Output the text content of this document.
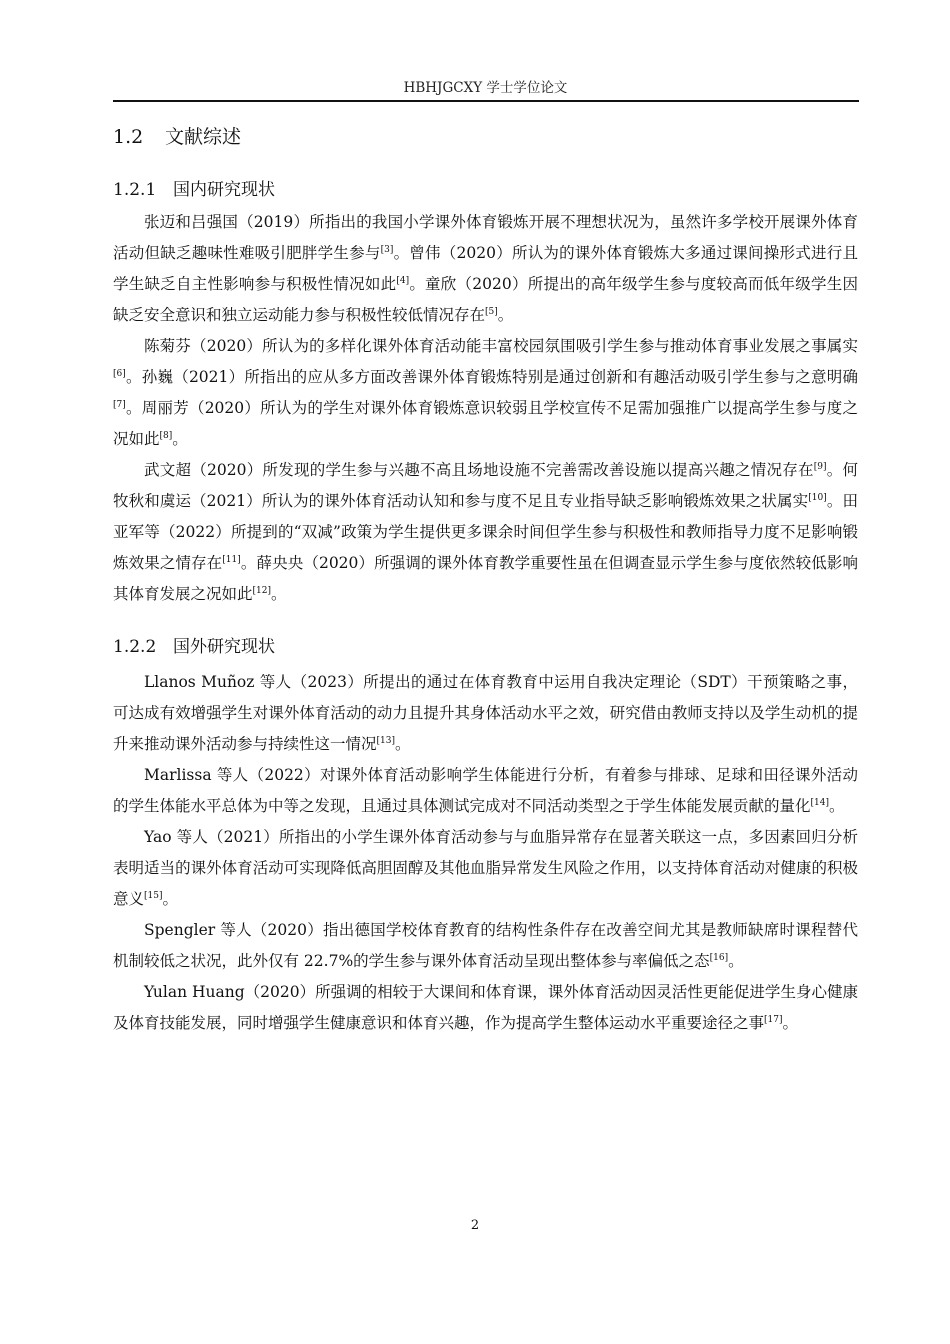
HBHJGCXY 学士学位论文
1.2 文献综述
1.2.1 国内研究现状

张迈和吕强国（2019）所指出的我国小学课外体育锻炼开展不理想状况为，虽然许多学校开展课外体育活动但缺乏趣味性难吸引肥胖学生参与[3]。曾伟（2020）所认为的课外体育锻炼大多通过课间操形式进行且学生缺乏自主性影响参与积极性情况如此[4]。童欣（2020）所提出的高年级学生参与度较高而低年级学生因缺乏安全意识和独立运动能力参与积极性较低情况存在[5]。

陈菊芬（2020）所认为的多样化课外体育活动能丰富校园氛围吸引学生参与推动体育事业发展之事属实[6]。孙巍（2021）所指出的应从多方面改善课外体育锻炼特别是通过创新和有趣活动吸引学生参与之意明确[7]。周丽芳（2020）所认为的学生对课外体育锻炼意识较弱且学校宣传不足需加强推广以提高学生参与度之况如此[8]。

武文超（2020）所发现的学生参与兴趣不高且场地设施不完善需改善设施以提高兴趣之情况存在[9]。何牧秋和虞运（2021）所认为的课外体育活动认知和参与度不足且专业指导缺乏影响锻炼效果之状属实[10]。田亚军等（2022）所提到的“双减”政策为学生提供更多课余时间但学生参与积极性和教师指导力度不足影响锻炼效果之情存在[11]。薛央央（2020）所强调的课外体育教学重要性虽在但调查显示学生参与度依然较低影响其体育发展之况如此[12]。

1.2.2 国外研究现状

Llanos Muñoz 等人（2023）所提出的通过在体育教育中运用自我决定理论（SDT）干预策略之事，可达成有效增强学生对课外体育活动的动力且提升其身体活动水平之效，研究借由教师支持以及学生动机的提升来推动课外活动参与持续性这一情况[13]。

Marlissa 等人（2022）对课外体育活动影响学生体能进行分析，有着参与排球、足球和田径课外活动的学生体能水平总体为中等之发现，且通过具体测试完成对不同活动类型之于学生体能发展贡献的量化[14]。

Yao 等人（2021）所指出的小学生课外体育活动参与与血脂异常存在显著关联这一点，多因素回归分析表明适当的课外体育活动可实现降低高胆固醇及其他血脂异常发生风险之作用，以支持体育活动对健康的积极意义[15]。

Spengler 等人（2020）指出德国学校体育教育的结构性条件存在改善空间尤其是教师缺席时课程替代机制较低之状况，此外仅有 22.7%的学生参与课外体育活动呈现出整体参与率偏低之态[16]。

Yulan Huang（2020）所强调的相较于大课间和体育课，课外体育活动因灵活性更能促进学生身心健康及体育技能发展，同时增强学生健康意识和体育兴趣，作为提高学生整体运动水平重要途径之事[17]。

2
